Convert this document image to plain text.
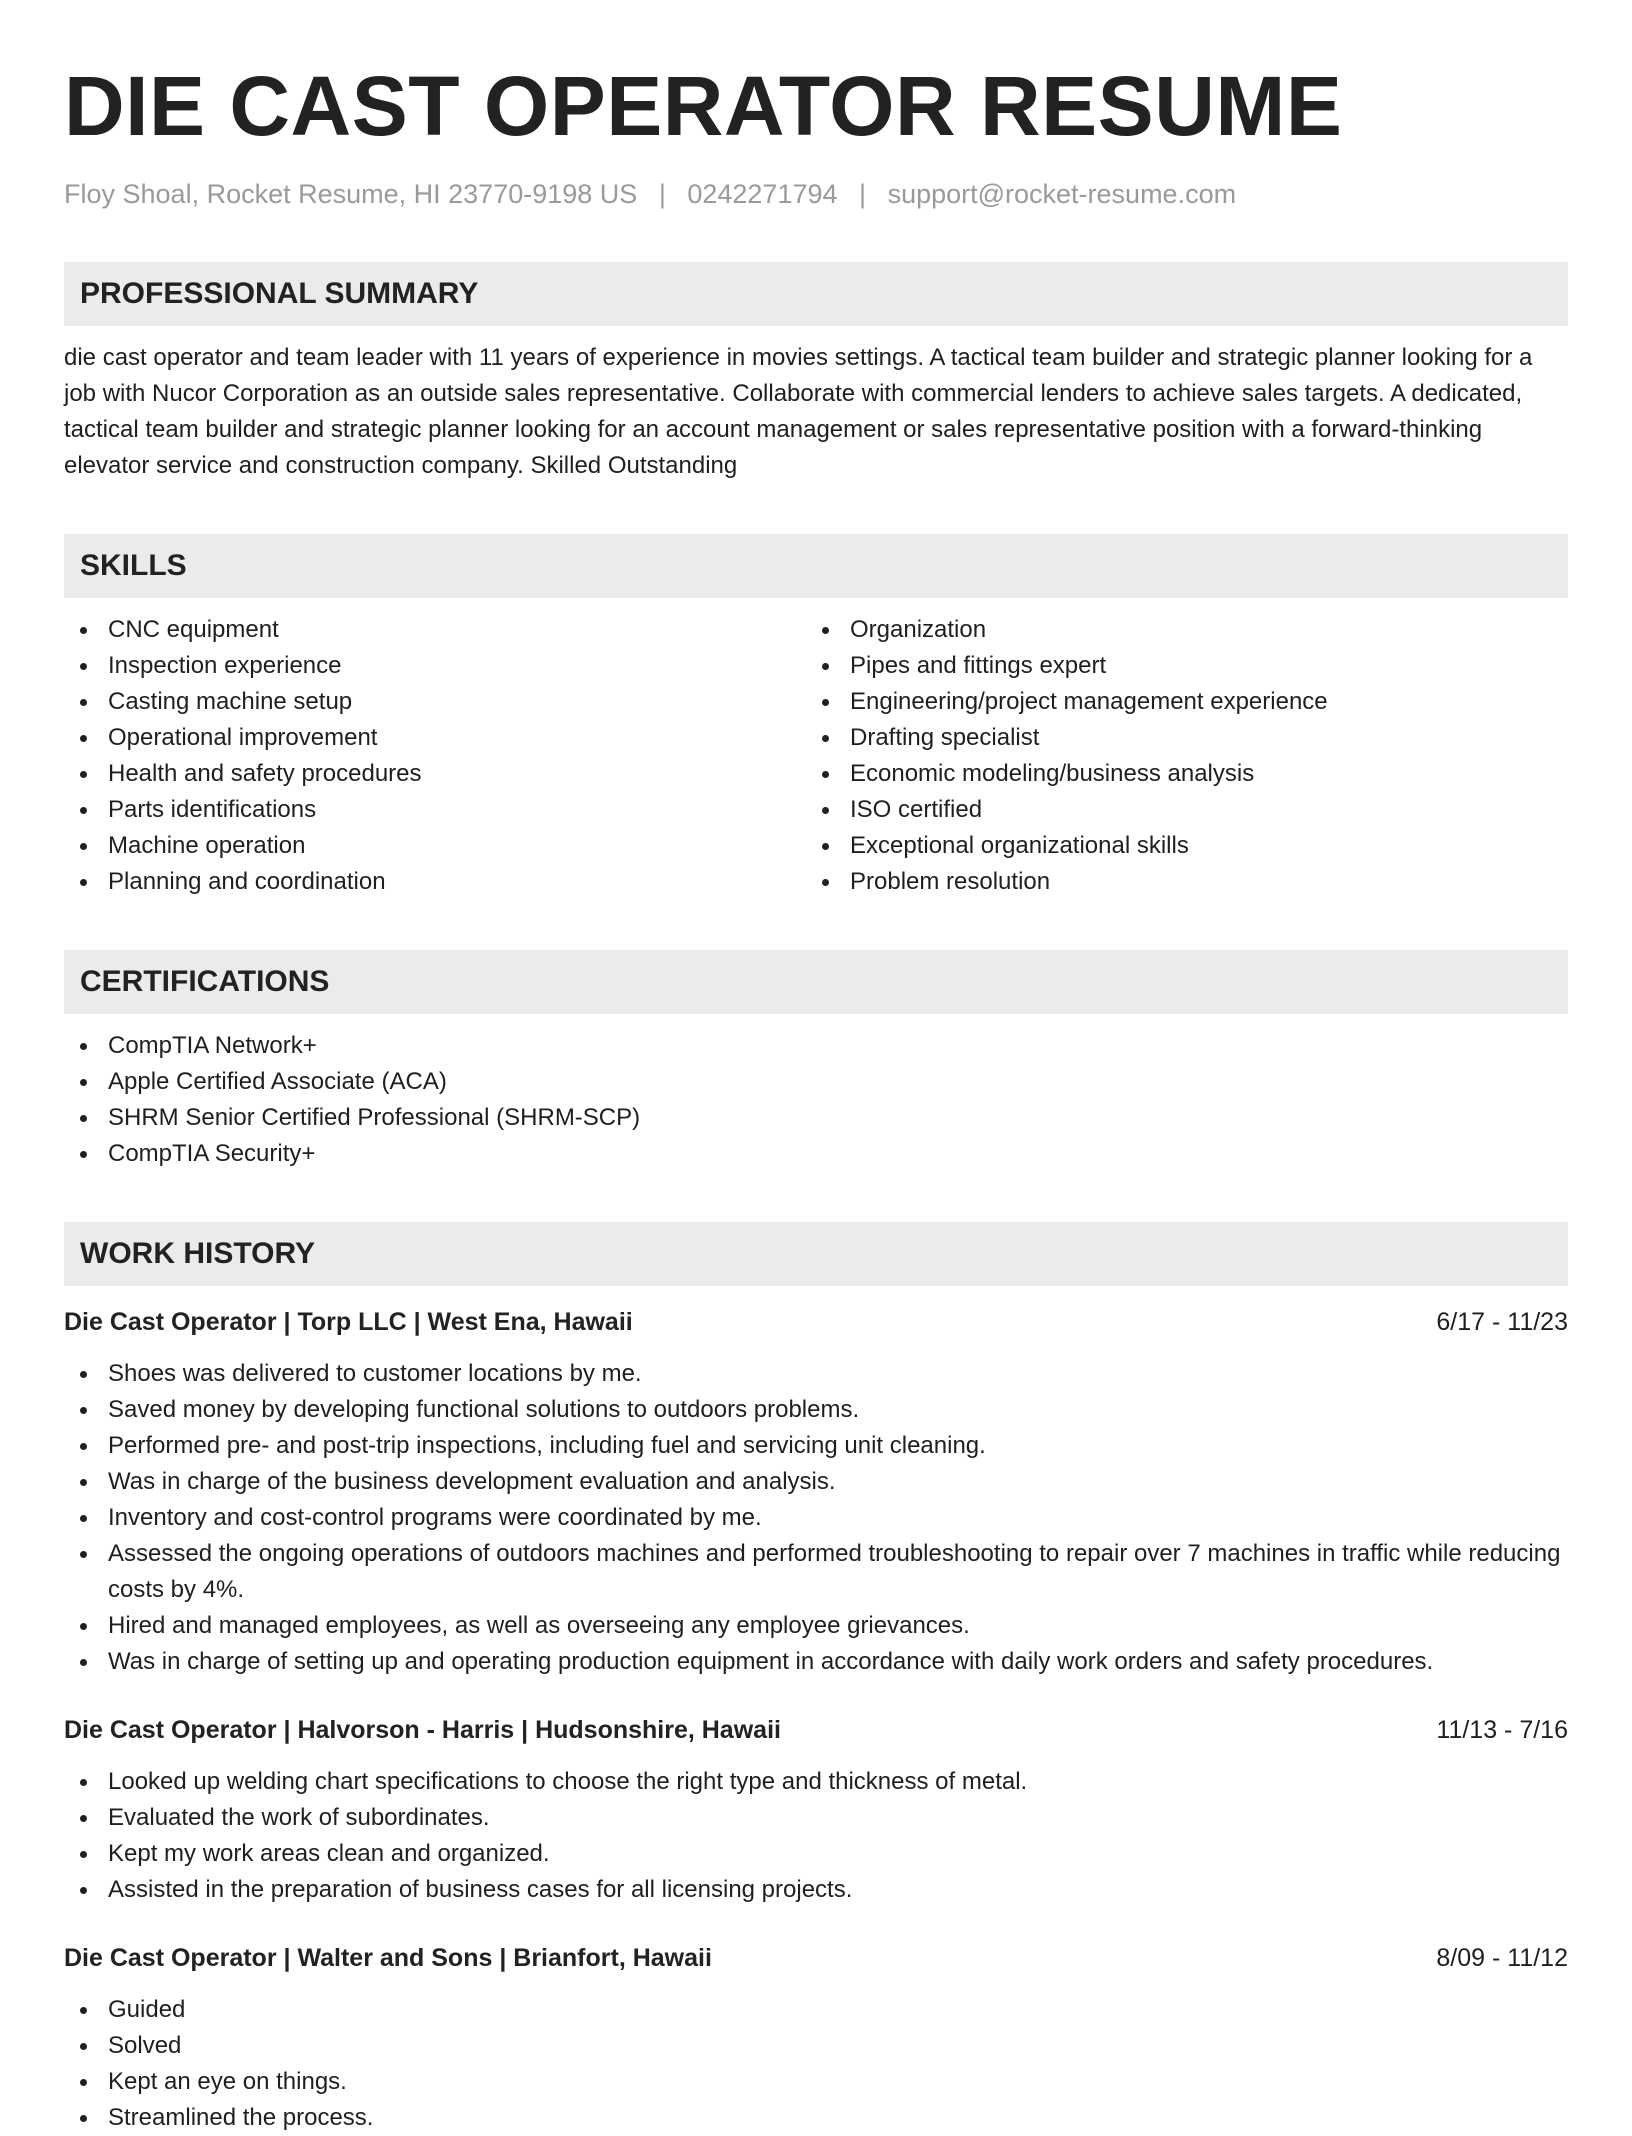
DIE CAST OPERATOR RESUME
Floy Shoal, Rocket Resume, HI 23770-9198 US | 0242271794 | support@rocket-resume.com
PROFESSIONAL SUMMARY
die cast operator and team leader with 11 years of experience in movies settings. A tactical team builder and strategic planner looking for a job with Nucor Corporation as an outside sales representative. Collaborate with commercial lenders to achieve sales targets. A dedicated, tactical team builder and strategic planner looking for an account management or sales representative position with a forward-thinking elevator service and construction company. Skilled Outstanding
SKILLS
CNC equipment
Inspection experience
Casting machine setup
Operational improvement
Health and safety procedures
Parts identifications
Machine operation
Planning and coordination
Organization
Pipes and fittings expert
Engineering/project management experience
Drafting specialist
Economic modeling/business analysis
ISO certified
Exceptional organizational skills
Problem resolution
CERTIFICATIONS
CompTIA Network+
Apple Certified Associate (ACA)
SHRM Senior Certified Professional (SHRM-SCP)
CompTIA Security+
WORK HISTORY
Die Cast Operator | Torp LLC | West Ena, Hawaii	6/17 - 11/23
Shoes was delivered to customer locations by me.
Saved money by developing functional solutions to outdoors problems.
Performed pre- and post-trip inspections, including fuel and servicing unit cleaning.
Was in charge of the business development evaluation and analysis.
Inventory and cost-control programs were coordinated by me.
Assessed the ongoing operations of outdoors machines and performed troubleshooting to repair over 7 machines in traffic while reducing costs by 4%.
Hired and managed employees, as well as overseeing any employee grievances.
Was in charge of setting up and operating production equipment in accordance with daily work orders and safety procedures.
Die Cast Operator | Halvorson - Harris | Hudsonshire, Hawaii	11/13 - 7/16
Looked up welding chart specifications to choose the right type and thickness of metal.
Evaluated the work of subordinates.
Kept my work areas clean and organized.
Assisted in the preparation of business cases for all licensing projects.
Die Cast Operator | Walter and Sons | Brianfort, Hawaii	8/09 - 11/12
Guided
Solved
Kept an eye on things.
Streamlined the process.
